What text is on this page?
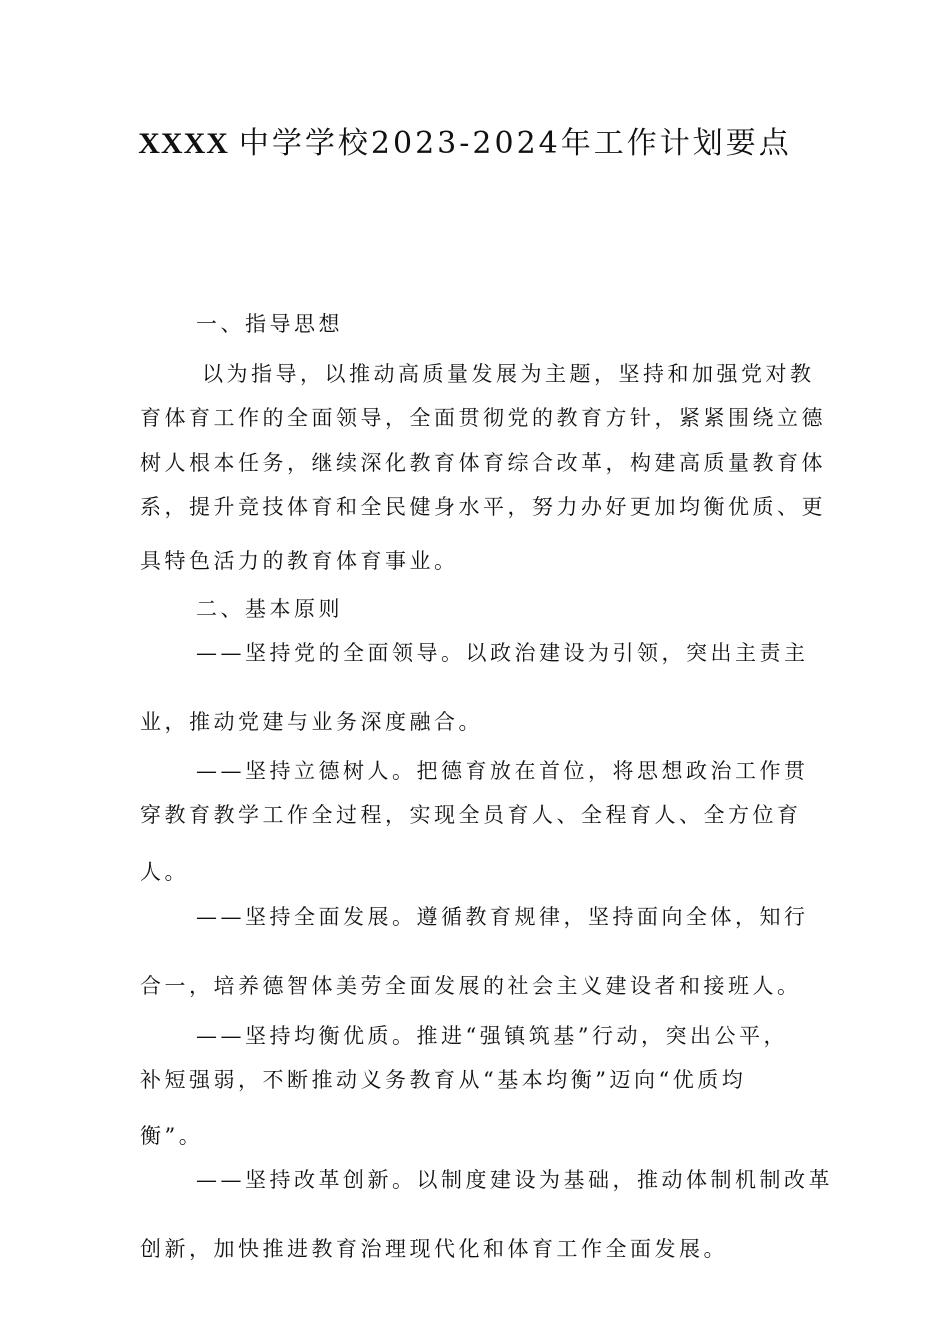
XXXX 中学学校2023-2024年工作计划要点
一、指导思想
以为指导，以推动高质量发展为主题，坚持和加强党对教
育体育工作的全面领导，全面贯彻党的教育方针，紧紧围绕立德
树人根本任务，继续深化教育体育综合改革，构建高质量教育体
系，提升竞技体育和全民健身水平，努力办好更加均衡优质、更
具特色活力的教育体育事业。
二、基本原则
——坚持党的全面领导。以政治建设为引领，突出主责主
业，推动党建与业务深度融合。
——坚持立德树人。把德育放在首位，将思想政治工作贯
穿教育教学工作全过程，实现全员育人、全程育人、全方位育
人。
——坚持全面发展。遵循教育规律，坚持面向全体，知行
合一，培养德智体美劳全面发展的社会主义建设者和接班人。
——坚持均衡优质。推进“强镇筑基”行动，突出公平，
补短强弱，不断推动义务教育从“基本均衡”迈向“优质均
衡”。
——坚持改革创新。以制度建设为基础，推动体制机制改革
创新，加快推进教育治理现代化和体育工作全面发展。
